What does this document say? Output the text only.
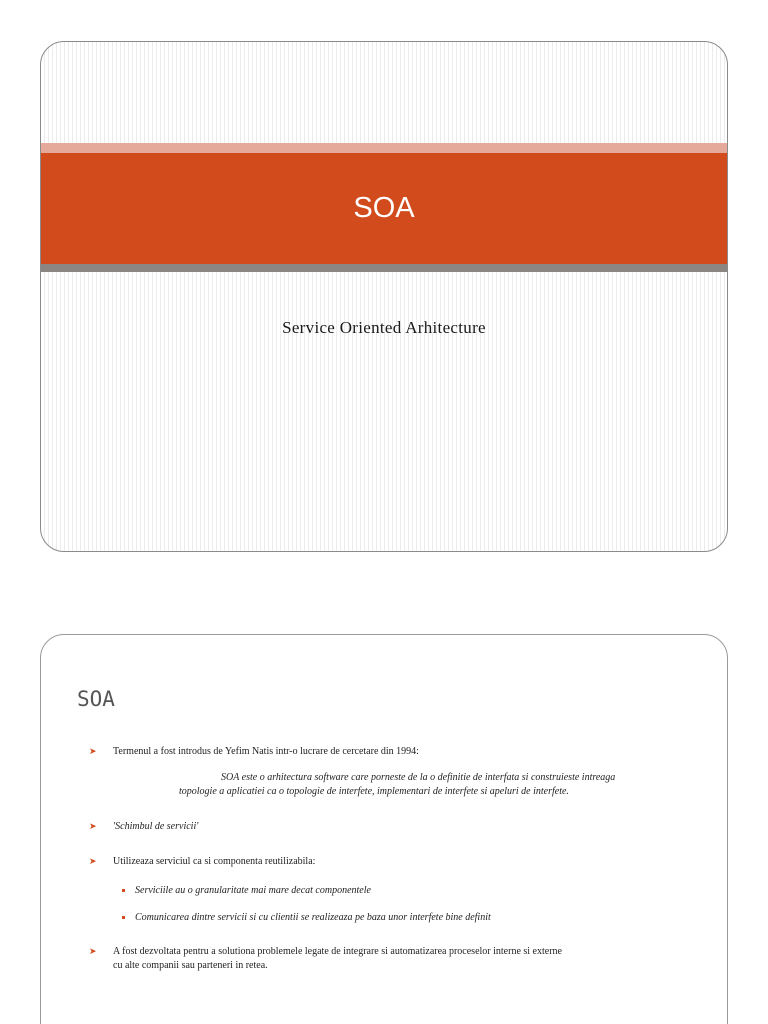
SOA
Service Oriented Arhitecture
SOA
➤ Termenul a fost introdus de Yefim Natis intr-o lucrare de cercetare din 1994:
SOA este o arhitectura software care porneste de la o definitie de interfata si construieste intreaga
topologie a aplicatiei ca o topologie de interfete, implementari de interfete si apeluri de interfete.
➤ 'Schimbul de servicii'
➤ Utilizeaza serviciul ca si componenta reutilizabila:
Serviciile au o granularitate mai mare decat componentele
Comunicarea dintre servicii si cu clientii se realizeaza pe baza unor interfete bine definit
➤ A fost dezvoltata pentru a solutiona problemele legate de integrare si automatizarea proceselor interne si externe
cu alte companii sau parteneri in retea.
